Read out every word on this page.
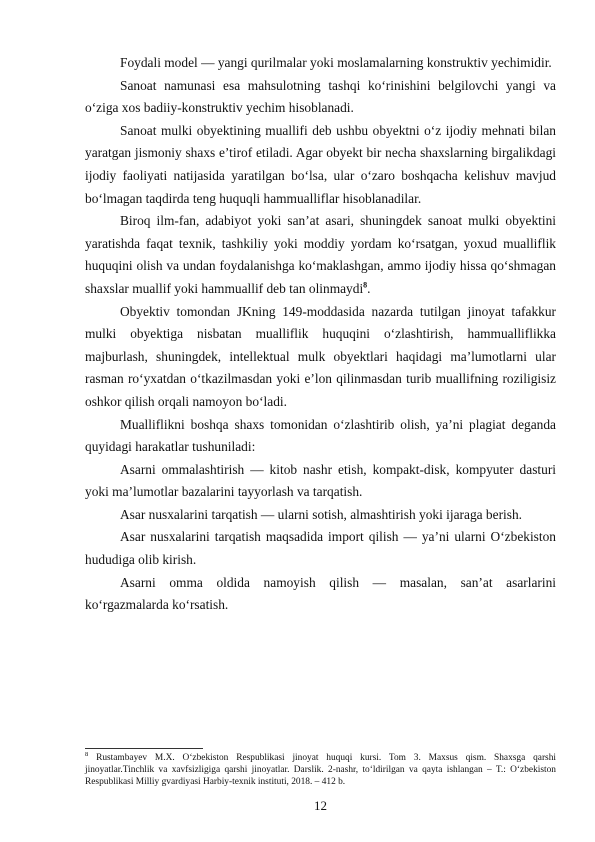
Foydali model — yangi qurilmalar yoki moslamalarning konstruktiv yechimidir.

Sanoat namunasi esa mahsulotning tashqi ko‘rinishini belgilovchi yangi va o‘ziga xos badiiy-konstruktiv yechim hisoblanadi.

Sanoat mulki obyektining muallifi deb ushbu obyektni o‘z ijodiy mehnati bilan yaratgan jismoniy shaxs e’tirof etiladi. Agar obyekt bir necha shaxslarning birgalikdagi ijodiy faoliyati natijasida yaratilgan bo‘lsa, ular o‘zaro boshqacha kelishuv mavjud bo‘lmagan taqdirda teng huquqli hammualliflar hisoblanadilar.

Biroq ilm-fan, adabiyot yoki san’at asari, shuningdek sanoat mulki obyektini yaratishda faqat texnik, tashkiliy yoki moddiy yordam ko‘rsatgan, yoxud mualliflik huquqini olish va undan foydalanishga ko‘maklashgan, ammo ijodiy hissa qo‘shmagan shaxslar muallif yoki hammuallif deb tan olinmaydi$^8$.

Obyektiv tomondan JKning 149-moddasida nazarda tutilgan jinoyat tafakkur mulki obyektiga nisbatan mualliflik huquqini o‘zlashtirish, hammualliflikka majburlash, shuningdek, intellektual mulk obyektlari haqidagi ma’lumotlarni ular rasman ro‘yxatdan o‘tkazilmasdan yoki e’lon qilinmasdan turib muallifning roziligisiz oshkor qilish orqali namoyon bo‘ladi.

Mualliflikni boshqa shaxs tomonidan o‘zlashtirib olish, ya’ni plagiat deganda quyidagi harakatlar tushuniladi:

Asarni ommalashtirish — kitob nashr etish, kompakt-disk, kompyuter dasturi yoki ma’lumotlar bazalarini tayyorlash va tarqatish.

Asar nusxalarini tarqatish — ularni sotish, almashtirish yoki ijaraga berish.

Asar nusxalarini tarqatish maqsadida import qilish — ya’ni ularni O‘zbekiston hududiga olib kirish.

Asarni omma oldida namoyish qilish — masalan, san’at asarlarini ko‘rgazmalarda ko‘rsatish.

$^8$ Rustambayev M.X. O‘zbekiston Respublikasi jinoyat huquqi kursi. Tom 3. Maxsus qism. Shaxsga qarshi jinoyatlar.Tinchlik va xavfsizligiga qarshi jinoyatlar. Darslik. 2-nashr, to‘ldirilgan va qayta ishlangan – T.: O‘zbekiston Respublikasi Milliy gvardiyasi Harbiy-texnik instituti, 2018. – 412 b.
12
